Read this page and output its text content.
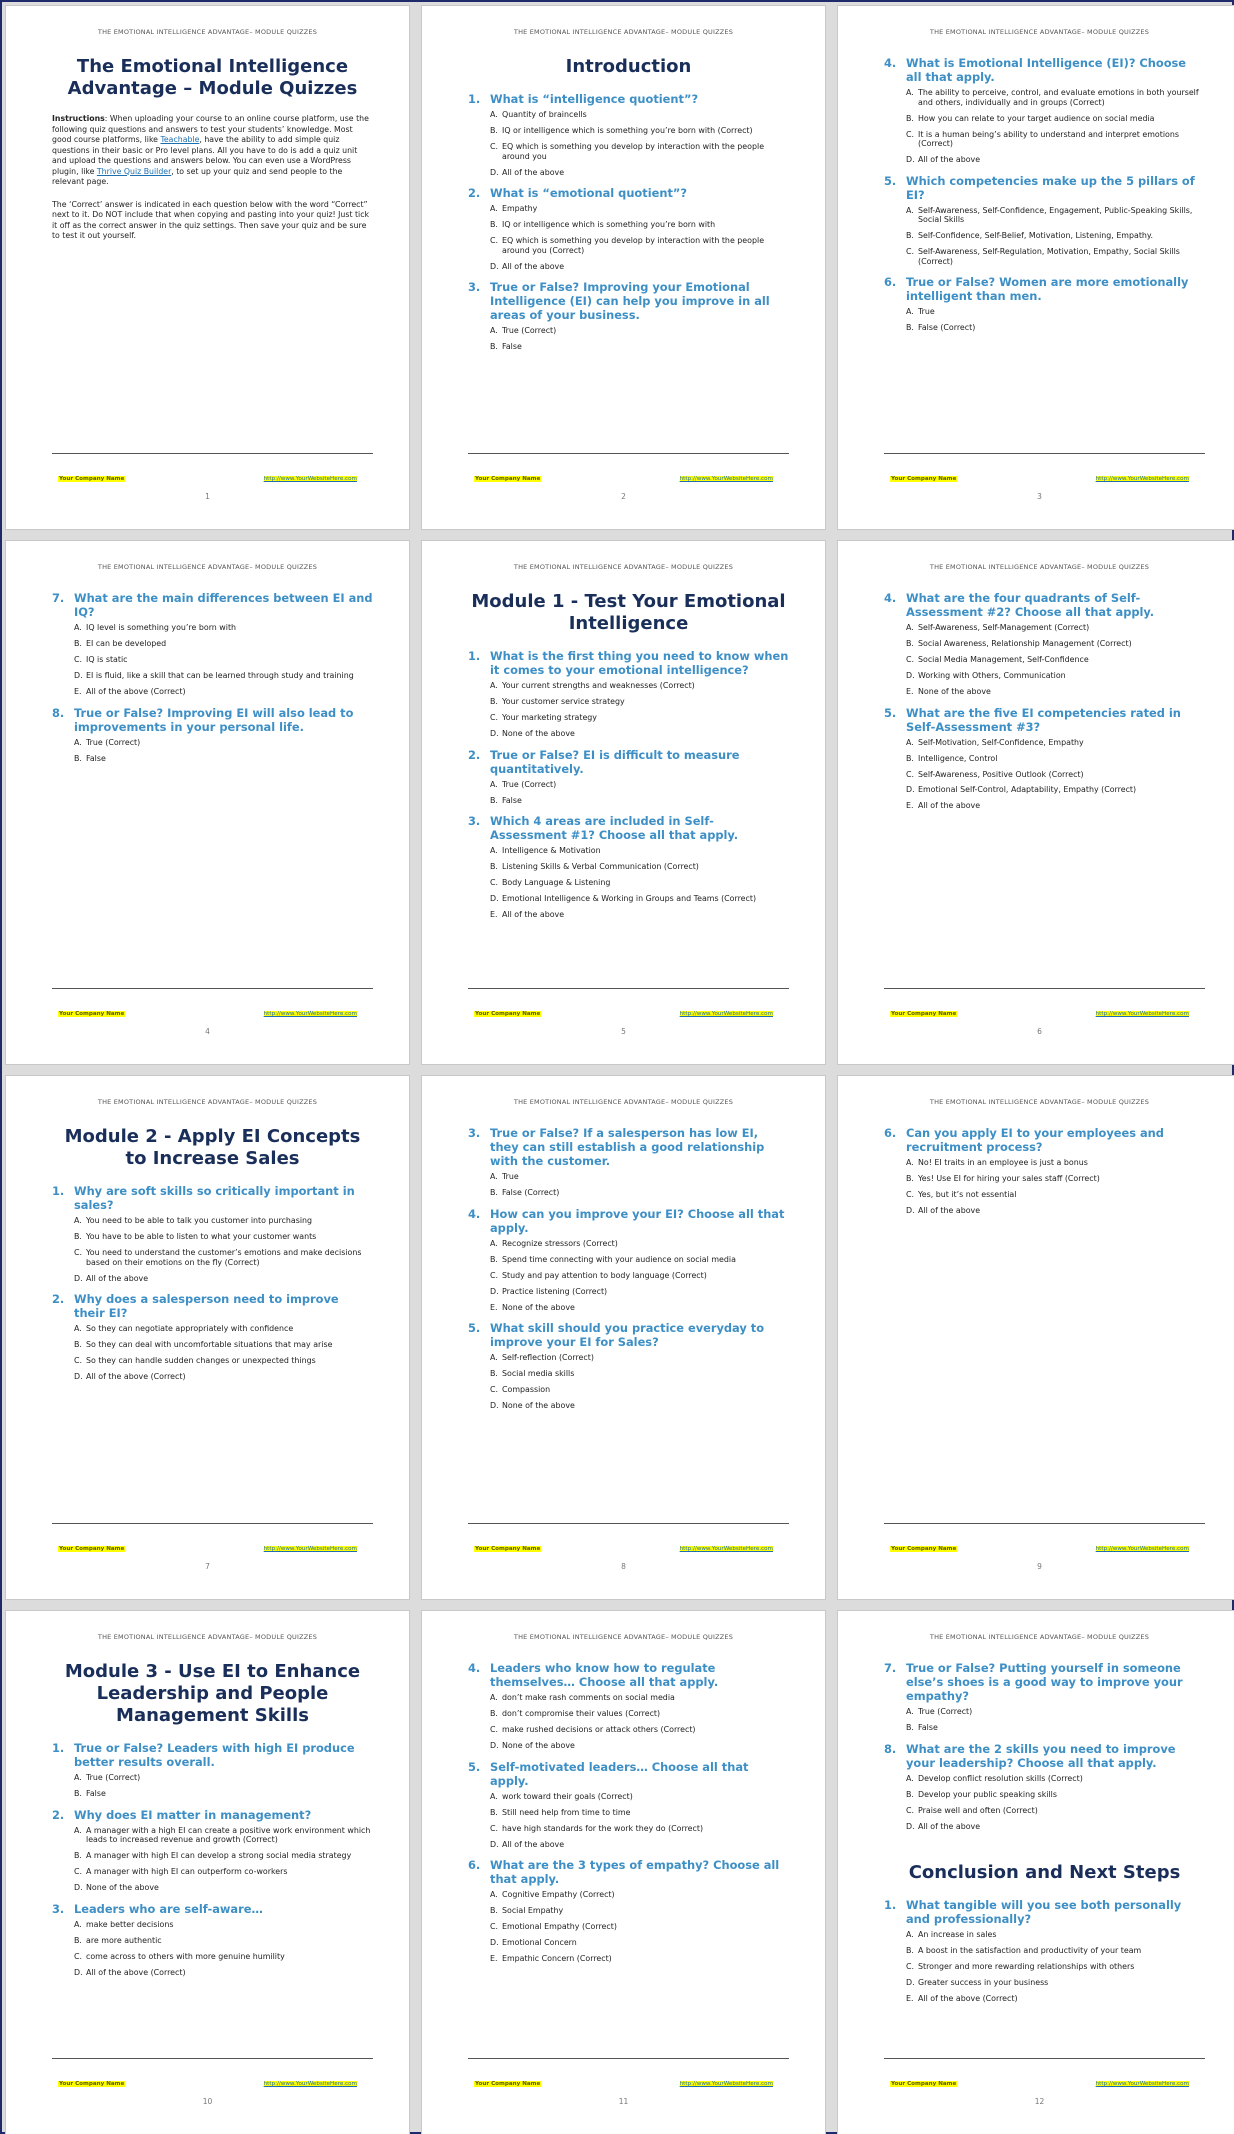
THE EMOTIONAL INTELLIGENCE ADVANTAGE– MODULE QUIZZES
The Emotional Intelligence Advantage – Module Quizzes

Instructions: When uploading your course to an online course platform, use the following quiz questions and answers to test your students’ knowledge. Most good course platforms, like Teachable, have the ability to add simple quiz questions in their basic or Pro level plans. All you have to do is add a quiz unit and upload the questions and answers below. You can even use a WordPress plugin, like Thrive Quiz Builder, to set up your quiz and send people to the relevant page.

The ‘Correct’ answer is indicated in each question below with the word “Correct” next to it. Do NOT include that when copying and pasting into your quiz! Just tick it off as the correct answer in the quiz settings. Then save your quiz and be sure to test it out yourself.

Your Company Name	http://www.YourWebsiteHere.com
1
THE EMOTIONAL INTELLIGENCE ADVANTAGE– MODULE QUIZZES
Introduction
1. What is “intelligence quotient”?
A. Quantity of braincells
B. IQ or intelligence which is something you’re born with (Correct)
C. EQ which is something you develop by interaction with the people around you
D. All of the above
2. What is “emotional quotient”?
A. Empathy
B. IQ or intelligence which is something you’re born with
C. EQ which is something you develop by interaction with the people around you (Correct)
D. All of the above
3. True or False? Improving your Emotional Intelligence (EI) can help you improve in all areas of your business.
A. True (Correct)
B. False
Your Company Name	http://www.YourWebsiteHere.com
2
THE EMOTIONAL INTELLIGENCE ADVANTAGE– MODULE QUIZZES
4. What is Emotional Intelligence (EI)? Choose all that apply.
A. The ability to perceive, control, and evaluate emotions in both yourself and others, individually and in groups (Correct)
B. How you can relate to your target audience on social media
C. It is a human being’s ability to understand and interpret emotions (Correct)
D. All of the above
5. Which competencies make up the 5 pillars of EI?
A. Self-Awareness, Self-Confidence, Engagement, Public-Speaking Skills, Social Skills
B. Self-Confidence, Self-Belief, Motivation, Listening, Empathy.
C. Self-Awareness, Self-Regulation, Motivation, Empathy, Social Skills (Correct)
6. True or False? Women are more emotionally intelligent than men.
A. True
B. False (Correct)
Your Company Name	http://www.YourWebsiteHere.com
3
THE EMOTIONAL INTELLIGENCE ADVANTAGE– MODULE QUIZZES
7. What are the main differences between EI and IQ?
A. IQ level is something you’re born with
B. EI can be developed
C. IQ is static
D. EI is fluid, like a skill that can be learned through study and training
E. All of the above (Correct)
8. True or False? Improving EI will also lead to improvements in your personal life.
A. True (Correct)
B. False
Your Company Name	http://www.YourWebsiteHere.com
4
THE EMOTIONAL INTELLIGENCE ADVANTAGE– MODULE QUIZZES
Module 1 - Test Your Emotional Intelligence
1. What is the first thing you need to know when it comes to your emotional intelligence?
A. Your current strengths and weaknesses (Correct)
B. Your customer service strategy
C. Your marketing strategy
D. None of the above
2. True or False? EI is difficult to measure quantitatively.
A. True (Correct)
B. False
3. Which 4 areas are included in Self-Assessment #1? Choose all that apply.
A. Intelligence & Motivation
B. Listening Skills & Verbal Communication (Correct)
C. Body Language & Listening
D. Emotional Intelligence & Working in Groups and Teams (Correct)
E. All of the above
Your Company Name	http://www.YourWebsiteHere.com
5
THE EMOTIONAL INTELLIGENCE ADVANTAGE– MODULE QUIZZES
4. What are the four quadrants of Self-Assessment #2? Choose all that apply.
A. Self-Awareness, Self-Management (Correct)
B. Social Awareness, Relationship Management (Correct)
C. Social Media Management, Self-Confidence
D. Working with Others, Communication
E. None of the above
5. What are the five EI competencies rated in Self-Assessment #3?
A. Self-Motivation, Self-Confidence, Empathy
B. Intelligence, Control
C. Self-Awareness, Positive Outlook (Correct)
D. Emotional Self-Control, Adaptability, Empathy (Correct)
E. All of the above
Your Company Name	http://www.YourWebsiteHere.com
6
THE EMOTIONAL INTELLIGENCE ADVANTAGE– MODULE QUIZZES
Module 2 - Apply EI Concepts to Increase Sales
1. Why are soft skills so critically important in sales?
A. You need to be able to talk you customer into purchasing
B. You have to be able to listen to what your customer wants
C. You need to understand the customer’s emotions and make decisions based on their emotions on the fly (Correct)
D. All of the above
2. Why does a salesperson need to improve their EI?
A. So they can negotiate appropriately with confidence
B. So they can deal with uncomfortable situations that may arise
C. So they can handle sudden changes or unexpected things
D. All of the above (Correct)
Your Company Name	http://www.YourWebsiteHere.com
7
THE EMOTIONAL INTELLIGENCE ADVANTAGE– MODULE QUIZZES
3. True or False? If a salesperson has low EI, they can still establish a good relationship with the customer.
A. True
B. False (Correct)
4. How can you improve your EI? Choose all that apply.
A. Recognize stressors (Correct)
B. Spend time connecting with your audience on social media
C. Study and pay attention to body language (Correct)
D. Practice listening (Correct)
E. None of the above
5. What skill should you practice everyday to improve your EI for Sales?
A. Self-reflection (Correct)
B. Social media skills
C. Compassion
D. None of the above
Your Company Name	http://www.YourWebsiteHere.com
8
THE EMOTIONAL INTELLIGENCE ADVANTAGE– MODULE QUIZZES
6. Can you apply EI to your employees and recruitment process?
A. No! EI traits in an employee is just a bonus
B. Yes! Use EI for hiring your sales staff (Correct)
C. Yes, but it’s not essential
D. All of the above
Your Company Name	http://www.YourWebsiteHere.com
9
THE EMOTIONAL INTELLIGENCE ADVANTAGE– MODULE QUIZZES
Module 3 - Use EI to Enhance Leadership and People Management Skills
1. True or False? Leaders with high EI produce better results overall.
A. True (Correct)
B. False
2. Why does EI matter in management?
A. A manager with a high EI can create a positive work environment which leads to increased revenue and growth (Correct)
B. A manager with high EI can develop a strong social media strategy
C. A manager with high EI can outperform co-workers
D. None of the above
3. Leaders who are self-aware…
A. make better decisions
B. are more authentic
C. come across to others with more genuine humility
D. All of the above (Correct)
Your Company Name	http://www.YourWebsiteHere.com
10
THE EMOTIONAL INTELLIGENCE ADVANTAGE– MODULE QUIZZES
4. Leaders who know how to regulate themselves… Choose all that apply.
A. don’t make rash comments on social media
B. don’t compromise their values (Correct)
C. make rushed decisions or attack others (Correct)
D. None of the above
5. Self-motivated leaders… Choose all that apply.
A. work toward their goals (Correct)
B. Still need help from time to time
C. have high standards for the work they do (Correct)
D. All of the above
6. What are the 3 types of empathy? Choose all that apply.
A. Cognitive Empathy (Correct)
B. Social Empathy
C. Emotional Empathy (Correct)
D. Emotional Concern
E. Empathic Concern (Correct)
Your Company Name	http://www.YourWebsiteHere.com
11
THE EMOTIONAL INTELLIGENCE ADVANTAGE– MODULE QUIZZES
7. True or False? Putting yourself in someone else’s shoes is a good way to improve your empathy?
A. True (Correct)
B. False
8. What are the 2 skills you need to improve your leadership? Choose all that apply.
A. Develop conflict resolution skills (Correct)
B. Develop your public speaking skills
C. Praise well and often (Correct)
D. All of the above
Conclusion and Next Steps
1. What tangible will you see both personally and professionally?
A. An increase in sales
B. A boost in the satisfaction and productivity of your team
C. Stronger and more rewarding relationships with others
D. Greater success in your business
E. All of the above (Correct)
Your Company Name	http://www.YourWebsiteHere.com
12
